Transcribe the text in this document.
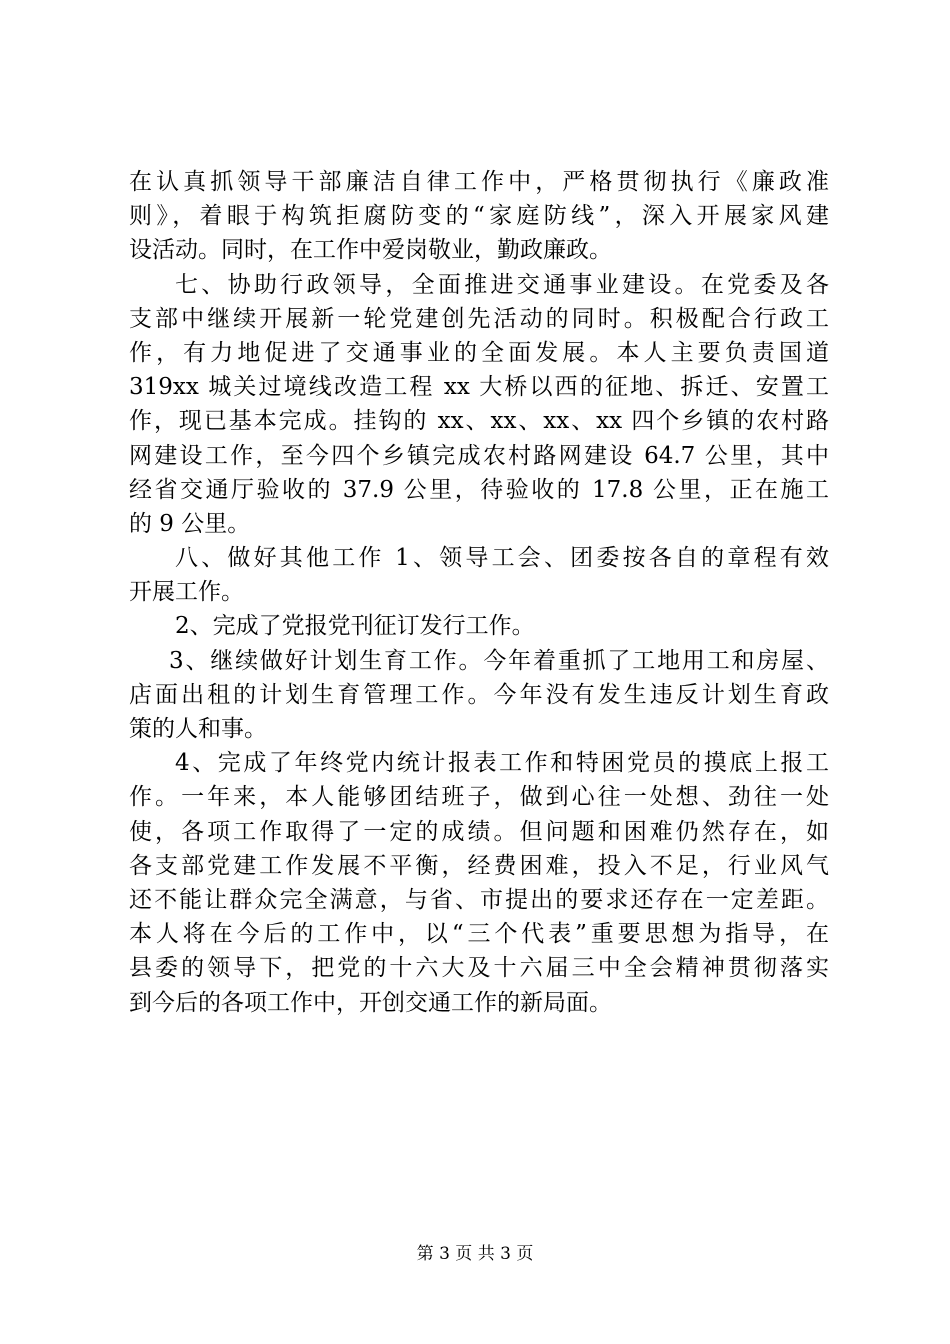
在认真抓领导干部廉洁自律工作中，严格贯彻执行《廉政准
则》，着眼于构筑拒腐防变的“家庭防线”，深入开展家风建
设活动。同时，在工作中爱岗敬业，勤政廉政。
七、协助行政领导，全面推进交通事业建设。在党委及各
支部中继续开展新一轮党建创先活动的同时。积极配合行政工
作，有力地促进了交通事业的全面发展。本人主要负责国道
319xx 城关过境线改造工程 xx 大桥以西的征地、拆迁、安置工
作，现已基本完成。挂钩的 xx、xx、xx、xx 四个乡镇的农村路
网建设工作，至今四个乡镇完成农村路网建设 64.7 公里，其中
经省交通厅验收的 37.9 公里，待验收的 17.8 公里，正在施工
的 9 公里。
八、做好其他工作 1、领导工会、团委按各自的章程有效
开展工作。
2、完成了党报党刊征订发行工作。
3、继续做好计划生育工作。今年着重抓了工地用工和房屋、
店面出租的计划生育管理工作。今年没有发生违反计划生育政
策的人和事。
4、完成了年终党内统计报表工作和特困党员的摸底上报工
作。一年来，本人能够团结班子，做到心往一处想、劲往一处
使，各项工作取得了一定的成绩。但问题和困难仍然存在，如
各支部党建工作发展不平衡，经费困难，投入不足，行业风气
还不能让群众完全满意，与省、市提出的要求还存在一定差距。
本人将在今后的工作中，以“三个代表”重要思想为指导，在
县委的领导下，把党的十六大及十六届三中全会精神贯彻落实
到今后的各项工作中，开创交通工作的新局面。
第 3 页 共 3 页
